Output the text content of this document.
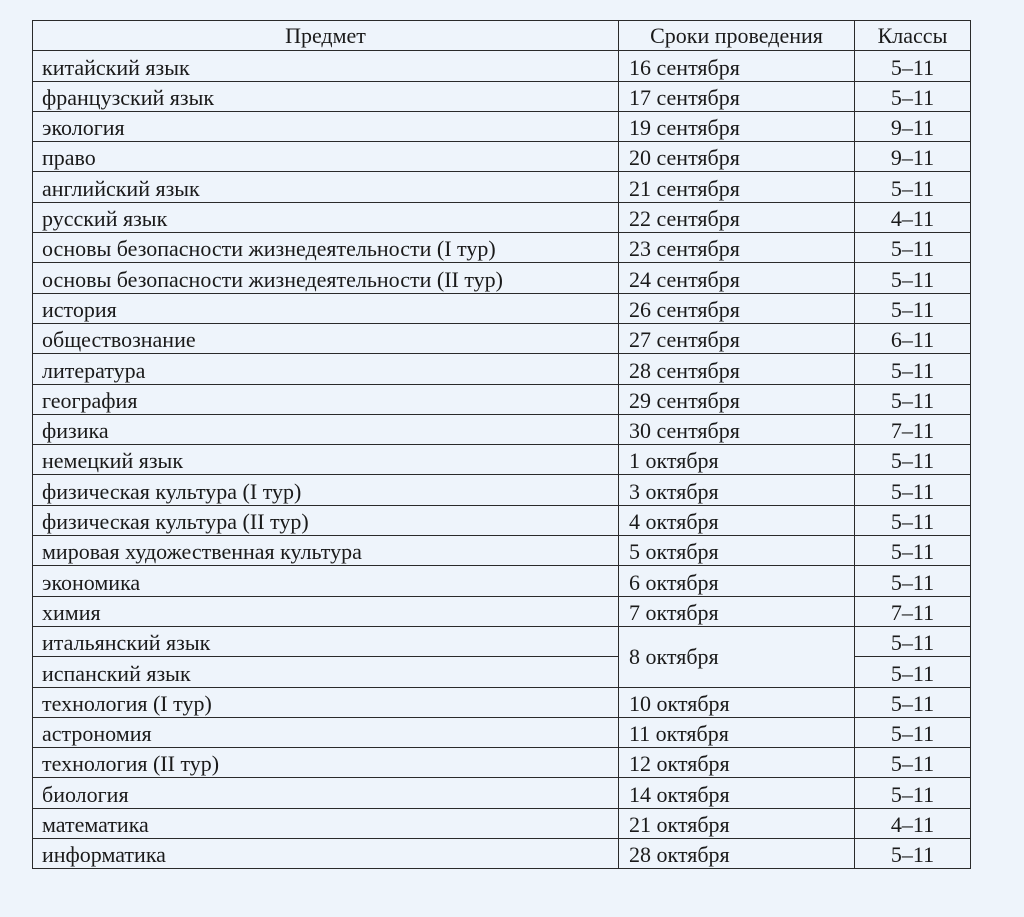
Предмет	Сроки проведения	Классы
китайский язык	16 сентября	5–11
французский язык	17 сентября	5–11
экология	19 сентября	9–11
право	20 сентября	9–11
английский язык	21 сентября	5–11
русский язык	22 сентября	4–11
основы безопасности жизнедеятельности (I тур)	23 сентября	5–11
основы безопасности жизнедеятельности (II тур)	24 сентября	5–11
история	26 сентября	5–11
обществознание	27 сентября	6–11
литература	28 сентября	5–11
география	29 сентября	5–11
физика	30 сентября	7–11
немецкий язык	1 октября	5–11
физическая культура (I тур)	3 октября	5–11
физическая культура (II тур)	4 октября	5–11
мировая художественная культура	5 октября	5–11
экономика	6 октября	5–11
химия	7 октября	7–11
итальянский язык	8 октября	5–11
испанский язык		5–11
технология (I тур)	10 октября	5–11
астрономия	11 октября	5–11
технология (II тур)	12 октября	5–11
биология	14 октября	5–11
математика	21 октября	4–11
информатика	28 октября	5–11
